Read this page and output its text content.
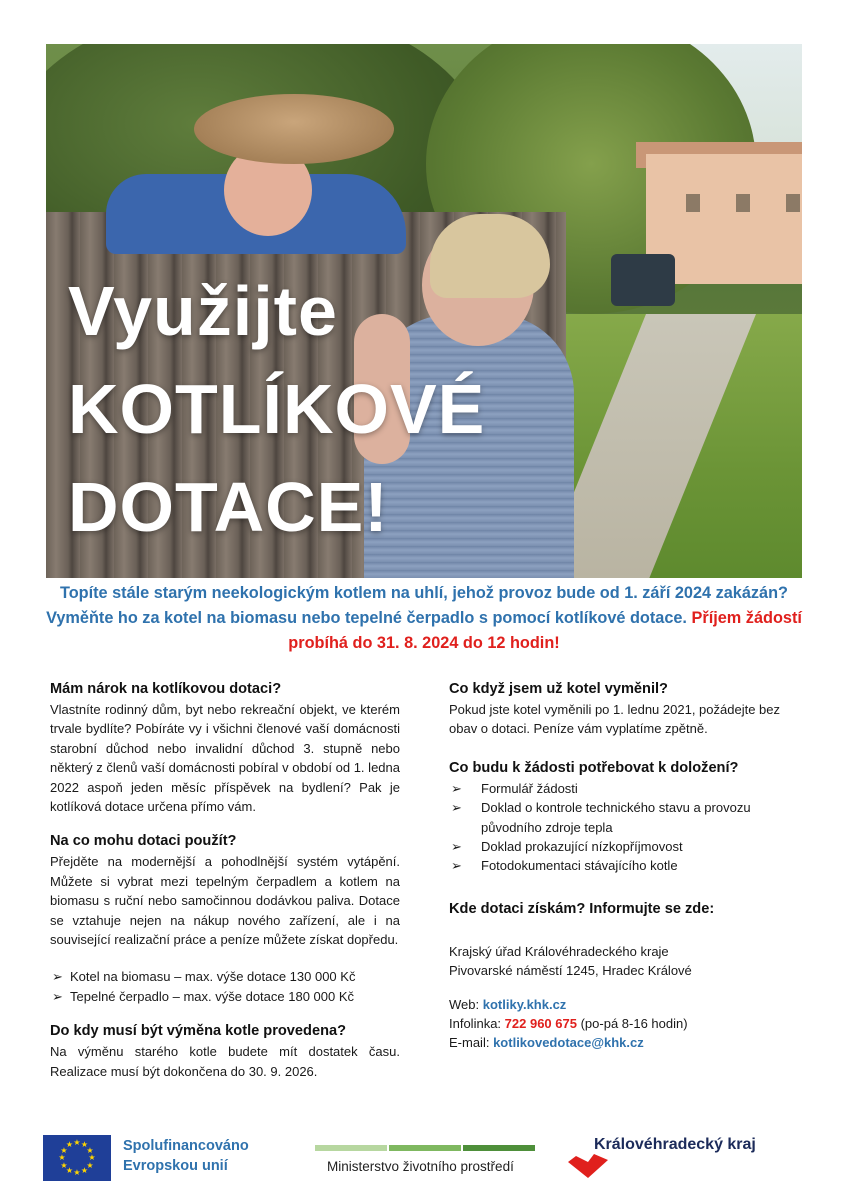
Využijte
KOTLÍKOVÉ
DOTACE!

Topíte stále starým neekologickým kotlem na uhlí, jehož provoz bude od 1. září 2024 zakázán? Vyměňte ho za kotel na biomasu nebo tepelné čerpadlo s pomocí kotlíkové dotace. Příjem žádostí probíhá do 31. 8. 2024 do 12 hodin!

Mám nárok na kotlíkovou dotaci?

Vlastníte rodinný dům, byt nebo rekreační objekt, ve kterém trvale bydlíte? Pobíráte vy i všichni členové vaší domácnosti starobní důchod nebo invalidní důchod 3. stupně nebo některý z členů vaší domácnosti pobíral v období od 1. ledna 2022 aspoň jeden měsíc příspěvek na bydlení? Pak je kotlíková dotace určena přímo vám.

Na co mohu dotaci použít?

Přejděte na modernější a pohodlnější systém vytápění. Můžete si vybrat mezi tepelným čerpadlem a kotlem na biomasu s ruční nebo samočinnou dodávkou paliva. Dotace se vztahuje nejen na nákup nového zařízení, ale i na související realizační práce a peníze můžete získat dopředu.

➢ Kotel na biomasu – max. výše dotace 130 000 Kč
➢ Tepelné čerpadlo – max. výše dotace 180 000 Kč
Do kdy musí být výměna kotle provedena?

Na výměnu starého kotle budete mít dostatek času. Realizace musí být dokončena do 30. 9. 2026.

Co když jsem už kotel vyměnil?

Pokud jste kotel vyměnili po 1. lednu 2021, požádejte bez obav o dotaci. Peníze vám vyplatíme zpětně.

Co budu k žádosti potřebovat k doložení?
➢ Formulář žádosti
➢ Doklad o kontrole technického stavu a provozu původního zdroje tepla
➢ Doklad prokazující nízkopříjmovost
➢ Fotodokumentaci stávajícího kotle
Kde dotaci získám? Informujte se zde:

Krajský úřad Královéhradeckého kraje

Pivovarské náměstí 1245, Hradec Králové

Web: kotliky.khk.cz

Infolinka: 722 960 675 (po-pá 8-16 hodin)

E-mail: kotlikovedotace@khk.cz

★ ★
★
★
★
★
★
★
★
★
★
★	Spolufinancováno
Evropskou unií	Ministerstvo životního prostředí
Královéhradecký kraj
